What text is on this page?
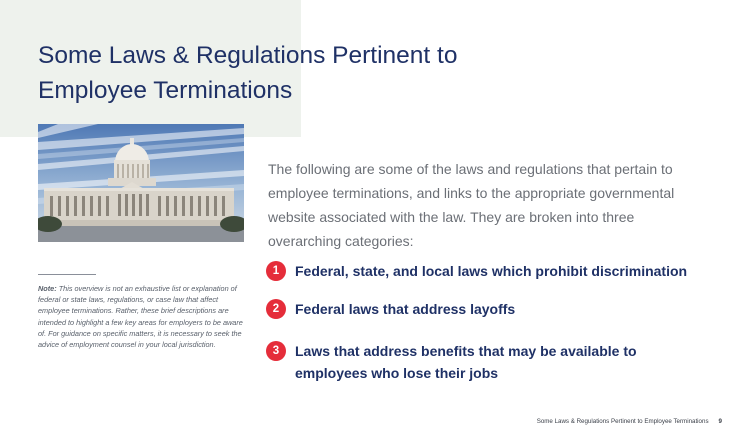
Some Laws & Regulations Pertinent to Employee Terminations

Note: This overview is not an exhaustive list or explanation of federal or state laws, regulations, or case law that affect employee terminations. Rather, these brief descriptions are intended to highlight a few key areas for employers to be aware of. For guidance on specific matters, it is necessary to seek the advice of employment counsel in your local jurisdiction.

The following are some of the laws and regulations that pertain to employee terminations, and links to the appropriate governmental website associated with the law. They are broken into three overarching categories:

1	Federal, state, and local laws which prohibit discrimination
2	Federal laws that address layoffs
3	Laws that address benefits that may be available to employees who lose their jobs
Some Laws & Regulations Pertinent to Employee Terminations 9
